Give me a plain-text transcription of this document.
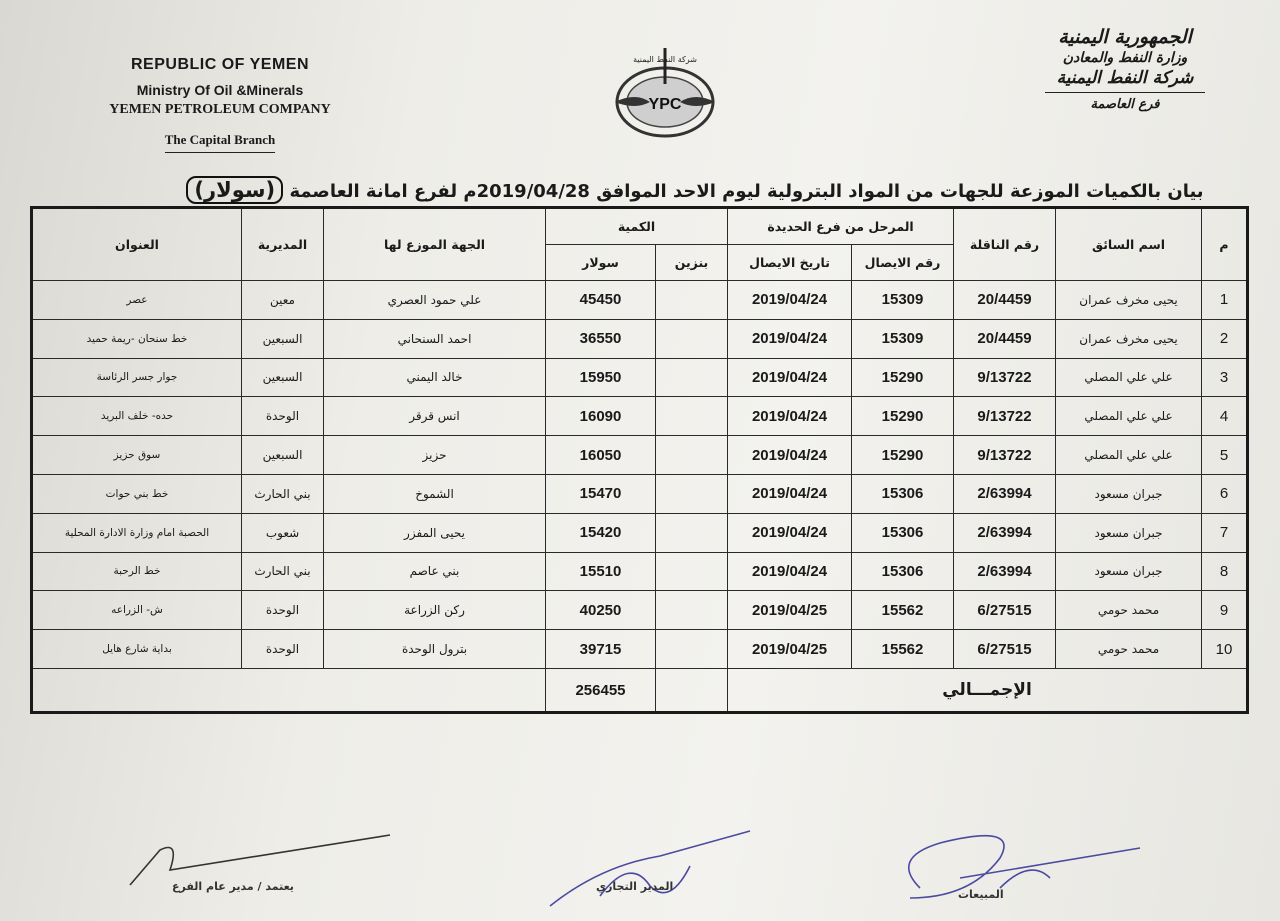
REPUBLIC OF YEMEN
Ministry Of Oil &Minerals
YEMEN PETROLEUM COMPANY
The Capital Branch
YPC
شركة النفط اليمنية
الجمهورية اليمنية
وزارة النفط والمعادن
شركة النفط اليمنية
فرع العاصمة
بيان بالكميات الموزعة للجهات من المواد البترولية ليوم الاحد الموافق 2019/04/28م لفرع امانة العاصمة (سولار)
م	اسم السائق	رقم الناقلة	المرحل من فرع الحديدة		الكمية		الجهة الموزع لها	المديرية	العنوان
			رقم الايصال	تاريخ الايصال	بنزين	سولار			
1	يحيى مخرف عمران	20/4459	15309	2019/04/24		45450	علي حمود العصري	معين	عصر
2	يحيى مخرف عمران	20/4459	15309	2019/04/24		36550	احمد السنحاني	السبعين	خط سنحان -ريمة حميد
3	علي علي المصلي	9/13722	15290	2019/04/24		15950	خالد اليمني	السبعين	جوار جسر الرئاسة
4	علي علي المصلي	9/13722	15290	2019/04/24		16090	انس قرقر	الوحدة	حده- خلف البريد
5	علي علي المصلي	9/13722	15290	2019/04/24		16050	حزيز	السبعين	سوق حزيز
6	جبران مسعود	2/63994	15306	2019/04/24		15470	الشموخ	بني الحارث	خط بني حوات
7	جبران مسعود	2/63994	15306	2019/04/24		15420	يحيى المفزر	شعوب	الحصبة امام وزارة الادارة المحلية
8	جبران مسعود	2/63994	15306	2019/04/24		15510	بني عاصم	بني الحارث	خط الرحبة
9	محمد حومي	6/27515	15562	2019/04/25		40250	ركن الزراعة	الوحدة	ش- الزراعه
10	محمد حومي	6/27515	15562	2019/04/25		39715	بترول الوحدة	الوحدة	بداية شارع هايل
الإجمـــالي						256455			
المبيعات
المدير التجاري
يعتمد / مدير عام الفرع
